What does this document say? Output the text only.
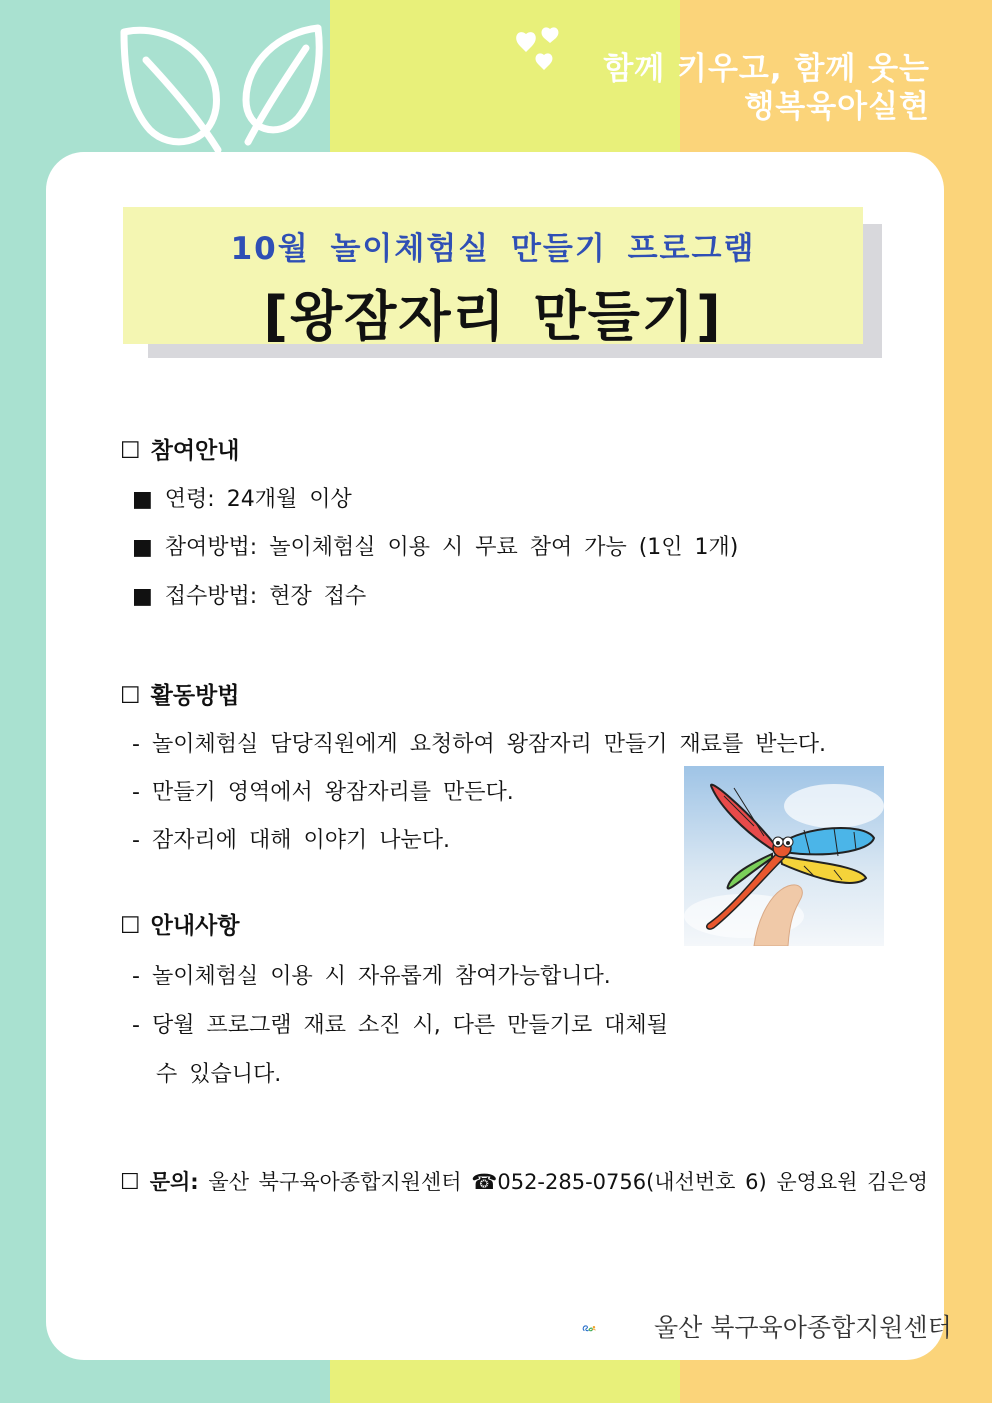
함께 키우고, 함께 웃는
행복육아실현
10월 놀이체험실 만들기 프로그램
[왕잠자리 만들기]
☐ 참여안내
■ 연령: 24개월 이상
■ 참여방법: 놀이체험실 이용 시 무료 참여 가능 (1인 1개)
■ 접수방법: 현장 접수
☐ 활동방법
- 놀이체험실 담당직원에게 요청하여 왕잠자리 만들기 재료를 받는다.
- 만들기 영역에서 왕잠자리를 만든다.
- 잠자리에 대해 이야기 나눈다.
☐ 안내사항
- 놀이체험실 이용 시 자유롭게 참여가능합니다.
- 당월 프로그램 재료 소진 시, 다른 만들기로 대체될
수 있습니다.
☐ 문의: 울산 북구육아종합지원센터 ☎052-285-0756(내선번호 6) 운영요원 김은영
울산 북구육아종합지원센터
